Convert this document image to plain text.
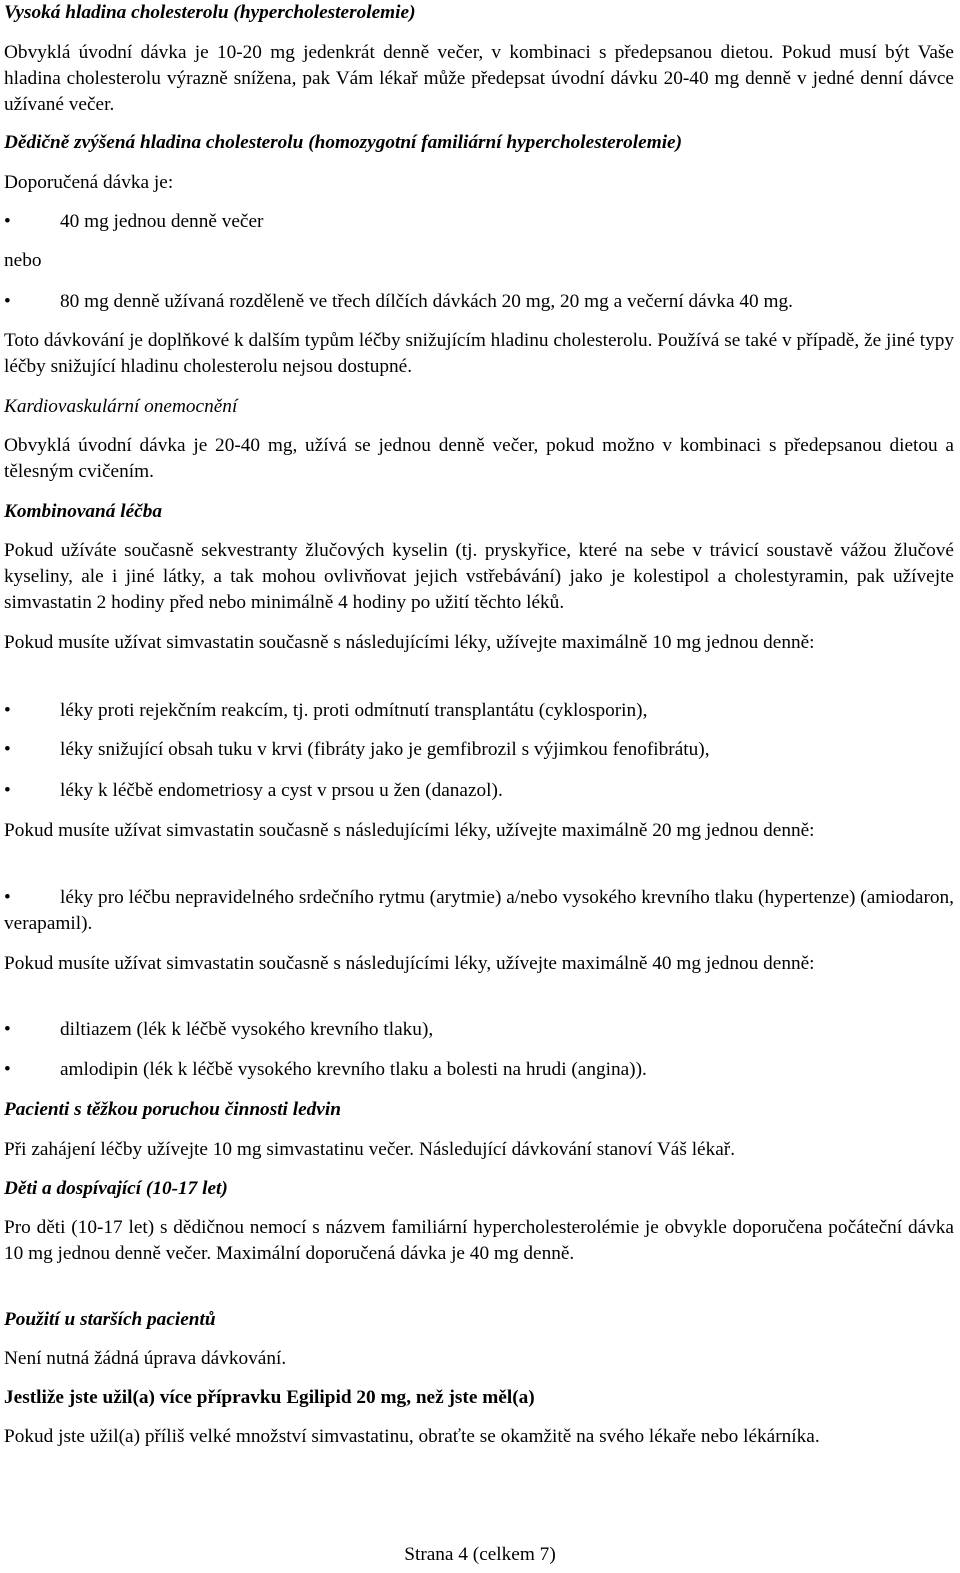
Vysoká hladina cholesterolu (hypercholesterolemie)
Obvyklá úvodní dávka je 10-20 mg jedenkrát denně večer, v kombinaci s předepsanou dietou. Pokud musí být Vaše hladina cholesterolu výrazně snížena, pak Vám lékař může předepsat úvodní dávku 20-40 mg denně v jedné denní dávce užívané večer.
Dědičně zvýšená hladina cholesterolu (homozygotní familiární hypercholesterolemie)
Doporučená dávka je:
•	40 mg jednou denně večer
nebo
•	80 mg denně užívaná rozděleně ve třech dílčích dávkách 20 mg, 20 mg a večerní dávka 40 mg.
Toto dávkování je doplňkové k dalším typům léčby snižujícím hladinu cholesterolu. Používá se také v případě, že jiné typy léčby snižující hladinu cholesterolu nejsou dostupné.
Kardiovaskulární onemocnění
Obvyklá úvodní dávka je 20-40 mg, užívá se jednou denně večer, pokud možno v kombinaci s předepsanou dietou a tělesným cvičením.
Kombinovaná léčba
Pokud užíváte současně sekvestranty žlučových kyselin (tj. pryskyřice, které na sebe v trávicí soustavě vážou žlučové kyseliny, ale i jiné látky, a tak mohou ovlivňovat jejich vstřebávání) jako je kolestipol a cholestyramin, pak užívejte simvastatin 2 hodiny před nebo minimálně 4 hodiny po užití těchto léků.
Pokud musíte užívat simvastatin současně s následujícími léky, užívejte maximálně 10 mg jednou denně:
•	léky proti rejekčním reakcím, tj. proti odmítnutí transplantátu (cyklosporin),
•	léky snižující obsah tuku v krvi (fibráty jako je gemfibrozil s výjimkou fenofibrátu),
•	léky k léčbě endometriosy a cyst v prsou u žen (danazol).
Pokud musíte užívat simvastatin současně s následujícími léky, užívejte maximálně 20 mg jednou denně:
•	léky pro léčbu nepravidelného srdečního rytmu (arytmie) a/nebo vysokého krevního tlaku (hypertenze) (amiodaron, verapamil).
Pokud musíte užívat simvastatin současně s následujícími léky, užívejte maximálně 40 mg jednou denně:
•	diltiazem (lék k léčbě vysokého krevního tlaku),
•	amlodipin (lék k léčbě vysokého krevního tlaku a bolesti na hrudi (angina)).
Pacienti s těžkou poruchou činnosti ledvin
Při zahájení léčby užívejte 10 mg simvastatinu večer. Následující dávkování stanoví Váš lékař.
Děti a dospívající (10-17 let)
Pro děti (10-17 let) s dědičnou nemocí s názvem familiární hypercholesterolémie je obvykle doporučena počáteční dávka 10 mg jednou denně večer. Maximální doporučená dávka je 40 mg denně.
Použití u starších pacientů
Není nutná žádná úprava dávkování.
Jestliže jste užil(a) více přípravku Egilipid 20 mg, než jste měl(a)
Pokud jste užil(a) příliš velké množství simvastatinu, obraťte se okamžitě na svého lékaře nebo lékárníka.
Strana 4 (celkem 7)
